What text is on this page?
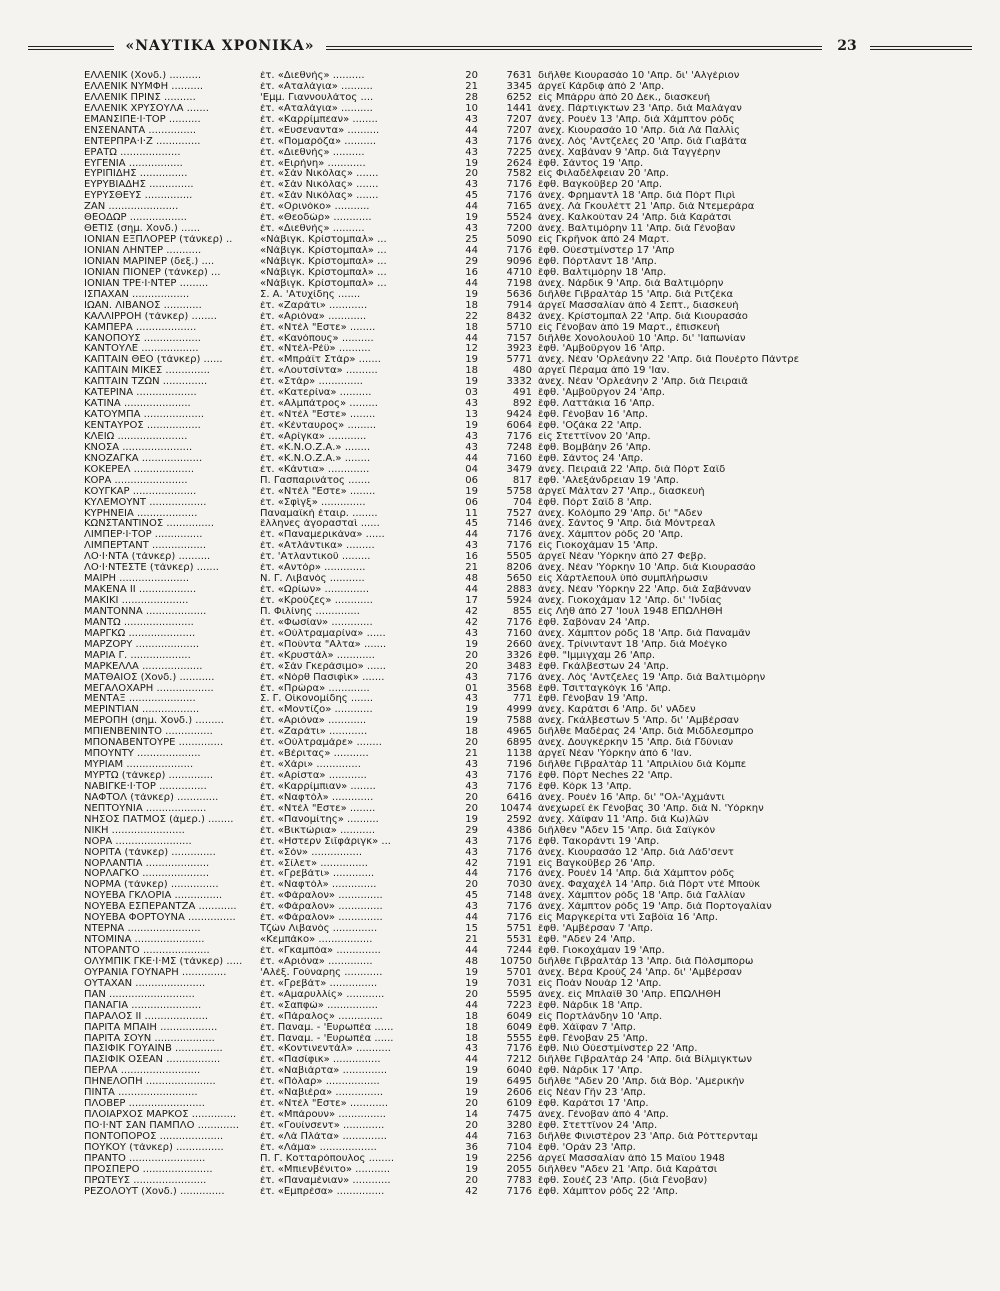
«ΝΑΥΤΙΚΑ ΧΡΟΝΙΚΑ»	23
ΕΛΛΕΝΙΚ (Χονδ.) ..........	έτ. «Διεθνής» ..........	20	7631 διῆλθε Κιουρασάο 10 'Απρ. δι' 'Αλγέριον
ΕΛΛΕΝΙΚ ΝΥΜΦΗ ..........	έτ. «Αταλάγια» ..........	21	3345 ἀργεῖ Κάρδιφ ἀπὸ 2 'Απρ.
ΕΛΛΕΝΙΚ ΠΡΙΝΣ ..........	'Εμμ. Γιαννουλάτος ....	28	6252 εἰς Μπάρρυ ἀπὸ 20 Δεκ., διασκευὴ
ΕΛΛΕΝΙΚ ΧΡΥΣΟΥΛΑ .......	έτ. «Αταλάγια» ..........	10	1441 ἀνεχ. Πάρτιγκτων 23 'Απρ. διὰ Μαλάγαν
ΕΜΑΝΣΙΠΕ·Ι·ΤΟΡ ..........	έτ. «Καρρίμπεαν» ........	43	7207 ἀνεχ. Ρουὲν 13 'Απρ. διὰ Χάμπτον ρόδς
ΕΝΣΕΝΑΝΤΑ ...............	έτ. «Ευσεναντα» ..........	44	7207 ἀνεχ. Κιουρασάο 10 'Απρ. διὰ Λὰ Παλλὶς
ΕΝΤΕΡΠΡΑ·Ι·Ζ ..............	έτ. «Πομαρόζα» ..........	43	7176 ἀνεχ. Λὸς 'Αντζελες 20 'Απρ. διὰ Γιαβάτα
ΕΡΑΤΩ ...................	έτ. «Διεθνής» ..........	43	7225 ἀνεχ. Χαβάναν 9 'Απρ. διὰ Ταγγέρην
ΕΥΓΕΝΙΑ .................	έτ. «Ειρήνη» ............	19	2624 ἔφθ. Σάντος 19 'Απρ.
ΕΥΡΙΠΙΔΗΣ ...............	έτ. «Σὰν Νικόλας» .......	20	7582 εἰς Φιλαδέλφειαν 20 'Απρ.
ΕΥΡΥΒΙΑΔΗΣ ..............	έτ. «Σὰν Νικόλας» .......	43	7176 ἔφθ. Βαγκοῦβερ 20 'Απρ.
ΕΥΡΥΣΘΕΥΣ ...............	έτ. «Σὰν Νικόλας» .......	45	7176 ἀνεχ. Φρημαντλ 18 'Απρ. διὰ Πὸρτ Πιρὶ
ΖΑΝ ......................	έτ. «Ορινόκο» ...........	44	7165 ἀνεχ. Λὰ Γκουλέττ 21 'Απρ. διὰ Ντεμεράρα
ΘΕΟΔΩΡ ..................	έτ. «Θεοδώρ» ............	19	5524 ἀνεχ. Καλκούταν 24 'Απρ. διὰ Καράτσι
ΘΕΤΙΣ (σημ. Χονδ.) ......	έτ. «Διεθνής» ..........	43	7200 ἀνεχ. Βαλτιμόρην 11 'Απρ. διὰ Γένοβαν
ΙΟΝΙΑΝ ΕΞΠΛΟΡΕΡ (τάνκερ) ..	«Νάβιγκ. Κρίστομπαλ» ...	25	5090 εἰς Γκρῆνοκ ἀπὸ 24 Μαρτ.
ΙΟΝΙΑΝ ΛΗΝΤΕΡ ...........	«Νάβιγκ. Κρίστομπαλ» ...	44	7176 ἔφθ. Οὐεστμίνστερ 17 'Απρ
ΙΟΝΙΑΝ ΜΑΡΙΝΕΡ (δεξ.) ....	«Νάβιγκ. Κρίστομπαλ» ...	29	9096 ἔφθ. Πόρτλαντ 18 'Απρ.
ΙΟΝΙΑΝ ΠΙΟΝΕΡ (τάνκερ) ...	«Νάβιγκ. Κρίστομπαλ» ...	16	4710 ἔφθ. Βαλτιμόρην 18 'Απρ.
ΙΟΝΙΑΝ ΤΡΕ·Ι·ΝΤΕΡ .........	«Νάβιγκ. Κρίστομπαλ» ...	44	7198 ἀνεχ. Νάρδικ 9 'Απρ. διὰ Βαλτιμόρην
ΙΣΠΑΧΑΝ ..................	Σ. Α. 'Ατυχίδης .......	19	5636 διῆλθε Γιβραλτὰρ 15 'Απρ. διὰ Ριτζέκα
ΙΩΑΝ. ΛΙΒΑΝΟΣ ............	έτ. «Ζαράτι» ............	18	7914 ἀργεῖ Μασσαλίαν ἀπὸ 4 Σεπτ., διασκευὴ
ΚΑΛΛΙΡΡΟΗ (τάνκερ) ........	έτ. «Αριόνα» ............	22	8432 ἀνεχ. Κρίστομπαλ 22 'Απρ. διὰ Κιουρασάο
ΚΑΜΠΕΡΑ ...................	έτ. «Ντὲλ "Εστε» ........	18	5710 εἰς Γένοβαν ἀπὸ 19 Μαρτ., ἐπισκευὴ
ΚΑΝΟΠΟΥΣ ..................	έτ. «Κανόπους» ..........	44	7157 διῆλθε Χονολουλοῦ 10 'Απρ. δι' 'Ιαπωνίαν
ΚΑΝΤΟΥΛΕ ..................	έτ. «Ντὲλ-Ρέϋ» ..........	12	3923 ἔφθ. 'Αμβοῦργον 16 'Απρ.
ΚΑΠΤΑΙΝ ΘΕΟ (τάνκερ) ......	έτ. «Μπράϊτ Στὰρ» .......	19	5771 ἀνεχ. Νέαν 'Ορλεάνην 22 'Απρ. διὰ Πουέρτο Πάντρε
ΚΑΠΤΑΙΝ ΜΙΚΕΣ ..............	έτ. «Λουτσίντα» ..........	18	480 ἀργεῖ Πέραμα ἀπὸ 19 'Ιαν.
ΚΑΠΤΑΙΝ ΤΖΩΝ ..............	έτ. «Στὰρ» ..............	19	3332 ἀνεχ. Νέαν 'Ορλεάνην 2 'Απρ. διὰ Πειραιᾶ
ΚΑΤΕΡΙΝΑ ...................	έτ. «Κατερίνα» ..........	03	491 ἔφθ. 'Αμβοῦργον 24 'Απρ.
ΚΑΤΙΝΑ .....................	έτ. «Αλμπάτρος» .........	43	892 ἔφθ. Λαττάκια 16 'Απρ.
ΚΑΤΟΥΜΠΑ ...................	έτ. «Ντὲλ "Εστε» ........	13	9424 ἔφθ. Γένοβαν 16 'Απρ.
ΚΕΝΤΑΥΡΟΣ .................	έτ. «Κένταυρος» .........	19	6064 ἔφθ. 'Οζάκα 22 'Απρ.
ΚΛΕΙΩ ......................	έτ. «Αρίγκα» ............	43	7176 εἰς Στεττῖνον 20 'Απρ.
ΚΝΟΣΑ ......................	έτ. «Κ.Ν.Ο.Ζ.Α.» ........	43	7248 ἔφθ. Βομβάην 26 'Απρ.
ΚΝΟΖΑΓΚΑ ...................	έτ. «Κ.Ν.Ο.Ζ.Α.» ........	44	7160 ἔφθ. Σάντος 24 'Απρ.
ΚΟΚΕΡΕΛ ...................	έτ. «Κάντια» .............	04	3479 ἀνεχ. Πειραιᾶ 22 'Απρ. διὰ Πὸρτ Σαΐδ
ΚΟΡΑ .......................	Π. Γασπαρινάτος .......	06	817 ἔφθ. 'Αλεξάνδρειαν 19 'Απρ.
ΚΟΥΓΚΑΡ ....................	έτ. «Ντὲλ "Εστε» ........	19	5758 ἀργεῖ Μάλταν 27 'Απρ., διασκευὴ
ΚΥΛΕΜΟΥΝΤ ..................	έτ. «Σφὶγξ» ..............	06	704 ἔφθ. Πὸρτ Σαΐδ 8 'Απρ.
ΚΥΡΗΝΕΙΑ ...................	Παναμαϊκὴ ἑταιρ. ........	11	7527 ἀνεχ. Κολόμπο 29 'Απρ. δι' "Αδεν
ΚΩΝΣΤΑΝΤΙΝΟΣ ...............	ἕλληνες ἀγορασταὶ ......	45	7146 ἀνεχ. Σάντος 9 'Απρ. διὰ Μόντρεαλ
ΛΙΜΠΕΡ·Ι·ΤΟΡ ...............	έτ. «Παναμερικάνα» ......	44	7176 ἀνεχ. Χάμπτον ρόδς 20 'Απρ.
ΛΙΜΠΕΡΤΑΝΤ .................	έτ. «Ατλάντικα» .........	43	7176 εἰς Γιοκοχάμαν 15 'Απρ.
ΛΟ·Ι·ΝΤΑ (τάνκερ) ..........	έτ. 'Ατλαντικοῦ .........	16	5505 ἀργεῖ Νέαν 'Υόρκην ἀπὸ 27 Φεβρ.
ΛΟ·Ι·ΝΤΕΣΤΕ (τάνκερ) .......	έτ. «Αντόρ» .............	21	8206 ἀνεχ. Νέαν 'Υόρκην 10 'Απρ. διὰ Κιουρασάο
ΜΑΙΡΗ ......................	Ν. Γ. Λιβανὸς ...........	48	5650 εἰς Χάρτλεπουλ ὑπὸ συμπλήρωσιν
ΜΑΚΕΝΑ ΙΙ ..................	έτ. «Ωρίων» ..............	44	2883 ἀνεχ. Νέαν 'Υόρκην 22 'Απρ. διὰ Σαβάνναν
ΜΑΚΙΚΙ .....................	έτ. «Κρούζες» ............	17	5924 ἀνεχ. Γιοκοχάμαν 12 'Απρ. δι' 'Ινδίας
ΜΑΝΤΟΝΝΑ ...................	Π. Φιλίνης ..............	42	855 εἰς Λὴθ ἀπὸ 27 'Ιουλ 1948 ΕΠΩΛΗΘΗ
ΜΑΝΤΩ ......................	έτ. «Φωσίαν» .............	42	7176 ἔφθ. Σαβόναν 24 'Απρ.
ΜΑΡΓΚΩ .....................	έτ. «Ούλτραμαρίνα» ......	43	7160 ἀνεχ. Χάμπτον ρόδς 18 'Απρ. διὰ Παναμᾶν
ΜΑΡΖΟΡΥ ....................	έτ. «Πούντα "Αλτα» .......	19	2660 ἀνεχ. Τρίνινταντ 18 'Απρ. διὰ Μοέγκο
ΜΑΡΙΑ Γ. ...................	έτ. «Κρυστάλ» ............	20	3326 ἔφθ. "Ιμμιγχαμ 26 'Απρ.
ΜΑΡΚΕΛΛΑ ...................	έτ. «Σὰν Γκεράσιμο» ......	20	3483 ἔφθ. Γκάλβεστων 24 'Απρ.
ΜΑΤΘΑΙΟΣ (Χονδ.) ...........	έτ. «Νὸρθ Πασιφὶκ» .......	43	7176 ἀνεχ. Λὸς 'Αντζελες 19 'Απρ. διὰ Βαλτιμόρην
ΜΕΓΑΛΟΧΑΡΗ ..................	έτ. «Πρώρα» .............	01	3568 ἔφθ. Τσιτταγκὸγκ 16 'Απρ.
ΜΕΝΤΑΞ .....................	Σ. Γ. Οἰκονομίδης .......	43	771 ἔφθ. Γένοβαν 19 'Απρ.
ΜΕΡΙΝΤΙΑΝ ..................	έτ. «Μοντίζο» ............	19	4999 ἀνεχ. Καράτσι 6 'Απρ. δι' νΑδεν
ΜΕΡΟΠΗ (σημ. Χονδ.) .........	έτ. «Αριόνα» ............	19	7588 ἀνεχ. Γκάλβεστων 5 'Απρ. δι' 'Αμβέρσαν
ΜΠΙΕΝΒΕΝΙΝΤΟ ...............	έτ. «Ζαράτι» ............	18	4965 διῆλθε Μαδέρας 24 'Απρ. διὰ Μιδδλεσμπρο
ΜΠΟΝΑΒΕΝΤΟΥΡΕ ..............	έτ. «Ούλτραμάρε» ........	20	6895 ἀνεχ. Δουγκέρκην 15 'Απρ. διὰ Γδύνιαν
ΜΠΟΥΝΤΥ ....................	έτ. «Βέριτας» ...........	21	1138 ἀργεῖ Νέαν 'Υόρκην ἀπὸ 6 'Ιαν.
ΜΥΡΙΑΜ .....................	έτ. «Χάρι» ..............	43	7196 διῆλθε Γιβραλτὰρ 11 'Απριλίου διὰ Κόμπε
ΜΥΡΤΩ (τάνκερ) ..............	έτ. «Αρίστα» ............	43	7176 ἔφθ. Πὸρτ Neches 22 'Απρ.
ΝΑΒΙΓΚΕ·Ι·ΤΟΡ ...............	έτ. «Καρρίμπιαν» ........	43	7176 ἔφθ. Κόρκ 13 'Απρ.
ΝΑΦΤΟΛ (τάνκερ) .............	έτ. «Ναφτόλ» .............	20	6416 ἀνεχ. Ρουὲν 16 'Απρ. δι' "Ολ-'Αχμάντι
ΝΕΠΤΟΥΝΙΑ ...................	έτ. «Ντὲλ "Εστε» ........	20	10474 ἀνεχωρεῖ ἐκ Γένοβας 30 'Απρ. διὰ Ν. 'Υόρκην
ΝΗΣΟΣ ΠΑΤΜΟΣ (ἀμερ.) ........	έτ. «Πανομίτης» ..........	19	2592 ἀνεχ. Χάϊφαν 11 'Απρ. διὰ Κω)λῶν
ΝΙΚΗ .......................	έτ. «Βικτώρια» ...........	29	4386 διῆλθεν "Αδεν 15 'Απρ. διὰ Σαϊγκὸν
ΝΟΡΑ ........................	έτ. «Ηστερν Σιῖφάριγκ» ...	43	7176 ἔφθ. Τακοράντι 19 'Απρ.
ΝΟΡΙΤΑ (τάνκερ) ..............	έτ. «Σόν» ................	43	7176 ἀνεχ. Κιουρασάο 12 'Απρ. διὰ Λάδ'σεντ
ΝΟΡΛΑΝΤΙΑ ....................	έτ. «Σίλετ» ...............	42	7191 εἰς Βαγκοῦβερ 26 'Απρ.
ΝΟΡΛΑΓΚΟ .....................	έτ. «Γρεβάτι» .............	44	7176 ἀνεχ. Ρουὲν 14 'Απρ. διὰ Χάμπτον ρόδς
ΝΟΡΜΑ (τάνκερ) ...............	έτ. «Ναφτόλ» ..............	20	7030 ἀνεχ. Φαχαχὲλ 14 'Απρ. διὰ Πὸρτ ντὲ Μπούκ
ΝΟΥΕΒΑ ΓΚΛΟΡΙΑ ...............	έτ. «Φάραλον» ..............	45	7148 ἀνεχ. Χάμπτον ρόδς 18 'Απρ. διὰ Γαλλίαν
ΝΟΥΕΒΑ ΕΣΠΕΡΑΝΤΖΑ ............	έτ. «Φάραλον» ..............	43	7176 ἀνεχ. Χάμπτον ρόδς 19 'Απρ. διὰ Πορτογαλίαν
ΝΟΥΕΒΑ ΦΟΡΤΟΥΝΑ ...............	έτ. «Φάραλον» ..............	44	7176 εἰς Μαργκερίτα ντὶ Σαβόϊα 16 'Απρ.
ΝΤΕΡΝΑ .......................	Τζὼν Λιβανὸς ..............	15	5751 ἔφθ. 'Αμβέρσαν 7 'Απρ.
ΝΤΟΜΙΝΑ ......................	«Κεμπάκο» .................	21	5531 ἔφθ. "Αδεν 24 'Απρ.
ΝΤΟΡΑΝΤΟ .....................	έτ. «Γκαμπόα» ..............	44	7244 ἔφθ. Γιοκοχάμαν 19 'Απρ.
ΟΛΥΜΠΙΚ ΓΚΕ·Ι·ΜΣ (τάνκερ) .....	έτ. «Αριόνα» ..............	48	10750 διῆλθε Γιβραλτὰρ 13 'Απρ. διὰ Πόλσμπορω
ΟΥΡΑΝΙΑ ΓΟΥΝΑΡΗ ..............	'Αλέξ. Γούναρης ............	19	5701 ἀνεχ. Βέρα Κροὺζ 24 'Απρ. δι' 'Αμβέρσαν
ΟΥΤΑΧΑΝ ......................	έτ. «Γρεβάτ» ...............	19	7031 εἰς Ποὰν Νουὰρ 12 'Απρ.
ΠΑΝ ...........................	έτ. «Αμαρυλλίς» ............	20	5595 ἀνεχ. εἰς Μπλαΐθ 30 'Απρ. ΕΠΩΛΗΘΗ
ΠΑΝΑΓΙΑ ......................	έτ. «Σαπφώ» ................	44	7223 ἔφθ. Νάρδικ 18 'Απρ.
ΠΑΡΑΛΟΣ ΙΙ ....................	έτ. «Πάραλος» ..............	18	6049 εἰς Πορτλάνδην 10 'Απρ.
ΠΑΡΙΤΑ ΜΠΑΙΗ ..................	έτ. Παναμ. - 'Ευρωπέα ......	18	6049 ἔφθ. Χάϊφαν 7 'Απρ.
ΠΑΡΙΤΑ ΣΟΥΝ ...................	έτ. Παναμ. - 'Ευρωπέα ......	18	5555 ἔφθ. Γένοβαν 25 'Απρ.
ΠΑΣΙΦΙΚ ΓΟΥΑΙΝΒ ...............	έτ. «Κοντινεντάλ» ...........	43	7176 ἔφθ. Νιὺ Οὐεστμίνστερ 22 'Απρ.
ΠΑΣΙΦΙΚ ΟΣΕΑΝ .................	έτ. «Πασίφικ» ...............	44	7212 διῆλθε Γιβραλτὰρ 24 'Απρ. διὰ Βίλμιγκτων
ΠΕΡΛΑ .........................	έτ. «Ναβιάρτα» ..............	19	6040 ἔφθ. Νάρδικ 17 'Απρ.
ΠΗΝΕΛΟΠΗ ......................	έτ. «Πόλαρ» .................	19	6495 διῆλθε "Αδεν 20 'Απρ. διὰ Βόρ. 'Αμερικὴν
ΠΙΝΤΑ .........................	έτ. «Ναβιέρα» ...............	19	2606 εἰς Νέαν Γῆν 23 'Απρ.
ΠΛΟΒΕΡ ........................	έτ. «Ντὲλ "Εστε» ............	20	6109 ἔφθ. Καράτσι 17 'Απρ.
ΠΛΟΙΑΡΧΟΣ ΜΑΡΚΟΣ ..............	έτ. «Μπάρουν» ...............	14	7475 ἀνεχ. Γένοβαν ἀπὸ 4 'Απρ.
ΠΟ·Ι·ΝΤ ΣΑΝ ΠΑΜΠΛΟ .............	έτ. «Γουίνσεντ» .............	20	3280 ἔφθ. Στεττῖνον 24 'Απρ.
ΠΟΝΤΟΠΟΡΟΣ ....................	έτ. «Λὰ Πλάτα» ..............	44	7163 διῆλθε Φινιστέρον 23 'Απρ. διὰ Ρόττερνταμ
ΠΟΥΚΟΥ (τάνκερ) ...............	έτ. «Λάμα» ..................	36	7104 ἔφθ. 'Οράν 23 'Απρ.
ΠΡΑΝΤΟ ........................	Π. Γ. Κοτταρόπουλος ........	19	2256 ἀργεῖ Μασσαλίαν ἀπὸ 15 Μαΐου 1948
ΠΡΟΣΠΕΡΟ ......................	έτ. «Μπιενβένιτο» ...........	19	2055 διῆλθεν "Αδεν 21 'Απρ. διὰ Καράτσι
ΠΡΩΤΕΥΣ .......................	έτ. «Παναμένιαν» ............	20	7783 ἔφθ. Σουὲζ 23 'Απρ. (διὰ Γένοβαν)
ΡΕΖΟΛΟΥΤ (Χονδ.) ..............	έτ. «Εμπρέσα» ...............	42	7176 ἔφθ. Χάμπτον ρόδς 22 'Απρ.
